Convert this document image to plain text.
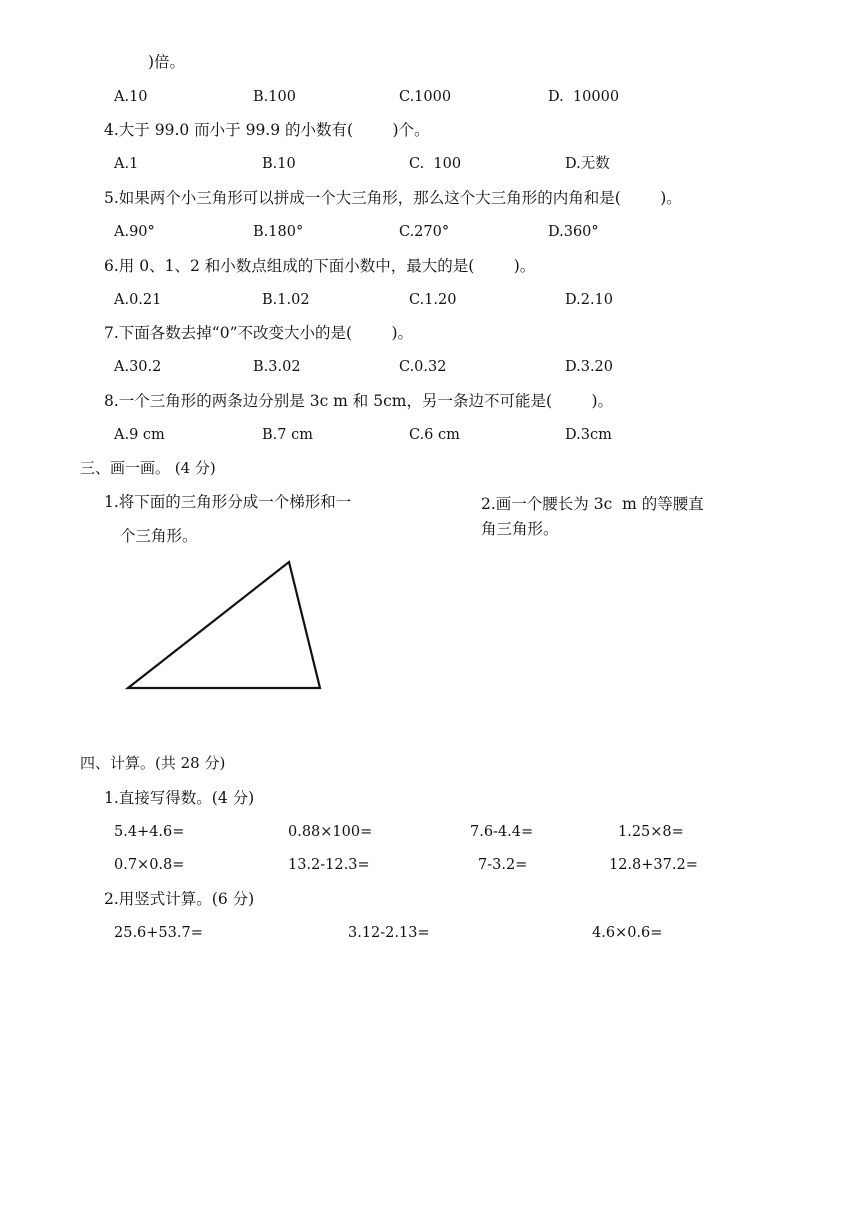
)倍。
A.10	B.100	C.1000	D.  10000
4.大于 99.0 而小于 99.9 的小数有(        )个。
A.1	B.10	C.  100	D.无数
5.如果两个小三角形可以拼成一个大三角形，那么这个大三角形的内角和是(        )。
A.90°	B.180°	C.270°	D.360°
6.用 0、1、2 和小数点组成的下面小数中，最大的是(        )。
A.0.21	B.1.02	C.1.20	D.2.10
7.下面各数去掉“0”不改变大小的是(        )。
A.30.2	B.3.02	C.0.32	D.3.20
8.一个三角形的两条边分别是 3c m 和 5cm，另一条边不可能是(        )。
A.9 cm	B.7 cm	C.6 cm	D.3cm
三、画一画。 (4 分)
1.将下面的三角形分成一个梯形和一
个三角形。
2.画一个腰长为 3c  m 的等腰直
角三角形。
四、计算。(共 28 分)
1.直接写得数。(4 分)
5.4+4.6=	0.88×100=	7.6-4.4=	1.25×8=
0.7×0.8=	13.2-12.3=	7-3.2=	12.8+37.2=
2.用竖式计算。(6 分)
25.6+53.7=	3.12-2.13=	4.6×0.6=
